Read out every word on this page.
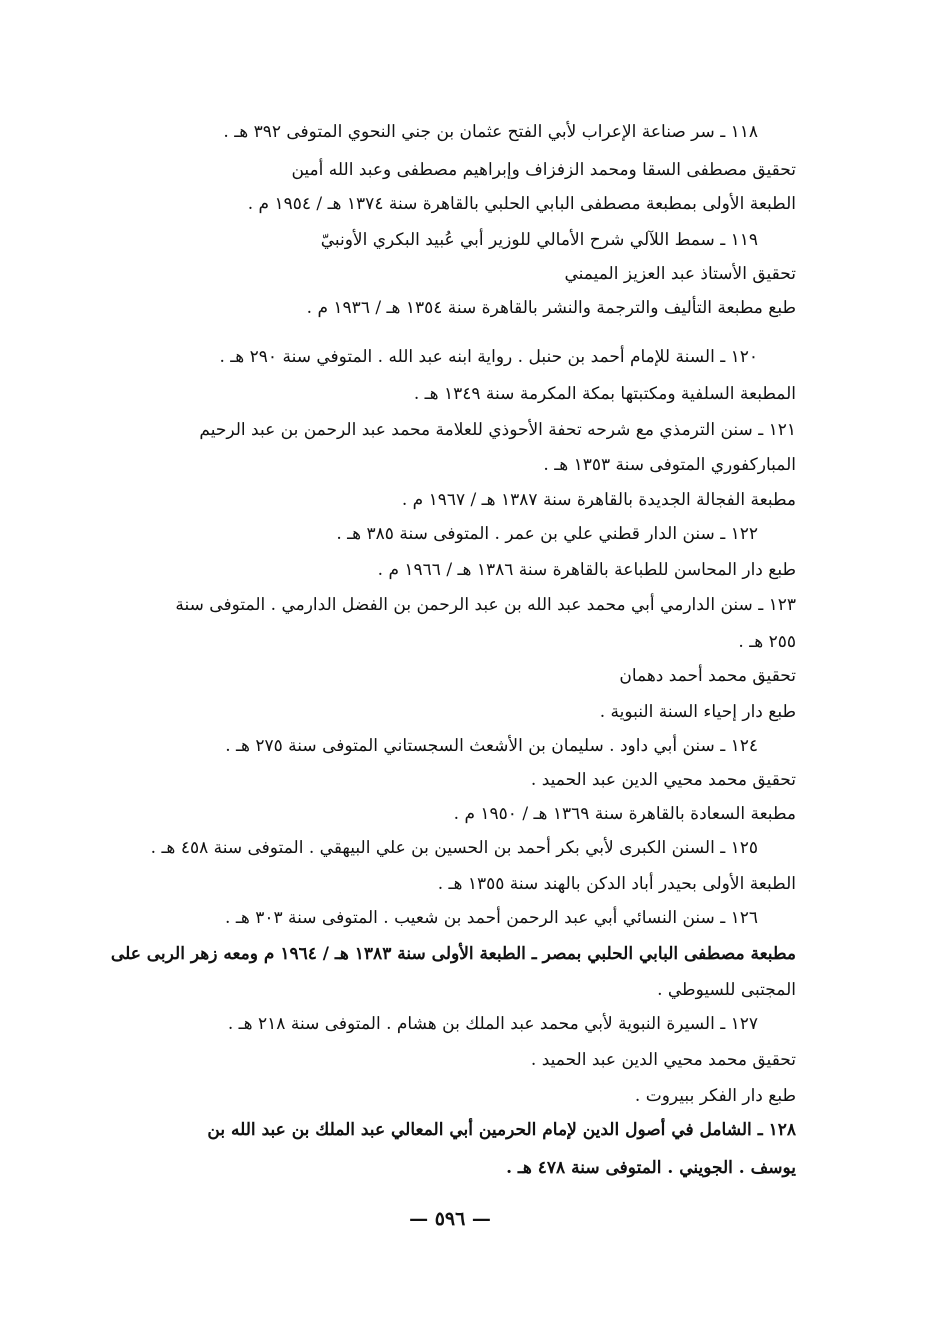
١١٨ ـ سر صناعة الإعراب لأبي الفتح عثمان بن جني النحوي المتوفى ٣٩٢ هـ .
تحقيق مصطفى السقا ومحمد الزفزاف وإبراهيم مصطفى وعبد الله أمين
الطبعة الأولى بمطبعة مصطفى البابي الحلبي بالقاهرة سنة ١٣٧٤ هـ / ١٩٥٤ م .
١١٩ ـ سمط اللآلي شرح الأمالي للوزير أبي عُبيد البكري الأونبيّ
تحقيق الأستاذ عبد العزيز الميمني
طبع مطبعة التأليف والترجمة والنشر بالقاهرة سنة ١٣٥٤ هـ / ١٩٣٦ م .
١٢٠ ـ السنة للإمام أحمد بن حنبل . رواية ابنه عبد الله . المتوفي سنة ٢٩٠ هـ .
المطبعة السلفية ومكتبتها بمكة المكرمة سنة ١٣٤٩ هـ .
١٢١ ـ سنن الترمذي مع شرحه تحفة الأحوذي للعلامة محمد عبد الرحمن بن عبد الرحيم
المباركفوري المتوفى سنة ١٣٥٣ هـ .
مطبعة الفجالة الجديدة بالقاهرة سنة ١٣٨٧ هـ / ١٩٦٧ م .
١٢٢ ـ سنن الدار قطني علي بن عمر . المتوفى سنة ٣٨٥ هـ .
طبع دار المحاسن للطباعة بالقاهرة سنة ١٣٨٦ هـ / ١٩٦٦ م .
١٢٣ ـ سنن الدارمي أبي محمد عبد الله بن عبد الرحمن بن الفضل الدارمي . المتوفى سنة
٢٥٥ هـ .
تحقيق محمد أحمد دهمان
طبع دار إحياء السنة النبوية .
١٢٤ ـ سنن أبي داود . سليمان بن الأشعث السجستاني المتوفى سنة ٢٧٥ هـ .
تحقيق محمد محيي الدين عبد الحميد .
مطبعة السعادة بالقاهرة سنة ١٣٦٩ هـ / ١٩٥٠ م .
١٢٥ ـ السنن الكبرى لأبي بكر أحمد بن الحسين بن علي البيهقي . المتوفى سنة ٤٥٨ هـ .
الطبعة الأولى بحيدر أباد الدكن بالهند سنة ١٣٥٥ هـ .
١٢٦ ـ سنن النسائي أبي عبد الرحمن أحمد بن شعيب . المتوفى سنة ٣٠٣ هـ .
مطبعة مصطفى البابي الحلبي بمصر ـ الطبعة الأولى سنة ١٣٨٣ هـ / ١٩٦٤ م ومعه زهر الربى على
المجتبى للسيوطي .
١٢٧ ـ السيرة النبوية لأبي محمد عبد الملك بن هشام . المتوفى سنة ٢١٨ هـ .
تحقيق محمد محيي الدين عبد الحميد .
طبع دار الفكر ببيروت .
١٢٨ ـ الشامل في أصول الدين لإمام الحرمين أبي المعالي عبد الملك بن عبد الله بن
يوسف . الجويني . المتوفى سنة ٤٧٨ هـ .
— ٥٩٦ —
